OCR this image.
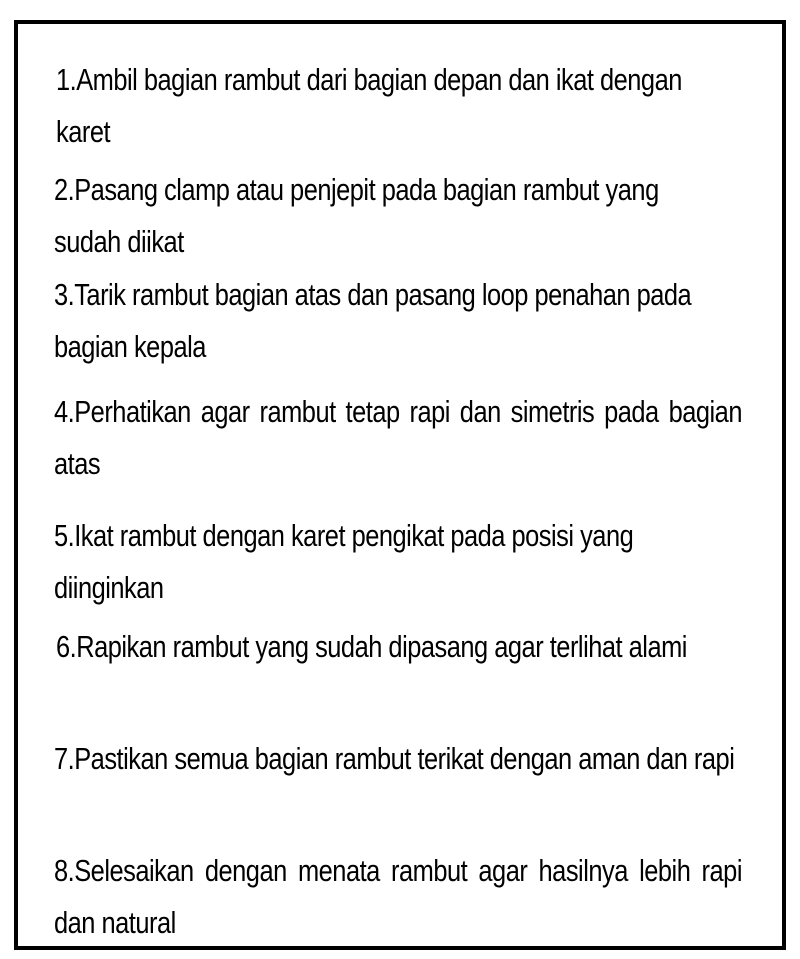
1.Ambil bagian rambut dari bagian depan dan ikat dengan karet

2.Pasang clamp atau penjepit pada bagian rambut yang sudah diikat

3.Tarik rambut bagian atas dan pasang loop penahan pada bagian kepala

4.Perhatikan agar rambut tetap rapi dan simetris pada bagian atas

5.Ikat rambut dengan karet pengikat pada posisi yang diinginkan

6.Rapikan rambut yang sudah dipasang agar terlihat alami

7.Pastikan semua bagian rambut terikat dengan aman dan rapi

8.Selesaikan dengan menata rambut agar hasilnya lebih rapi dan natural
